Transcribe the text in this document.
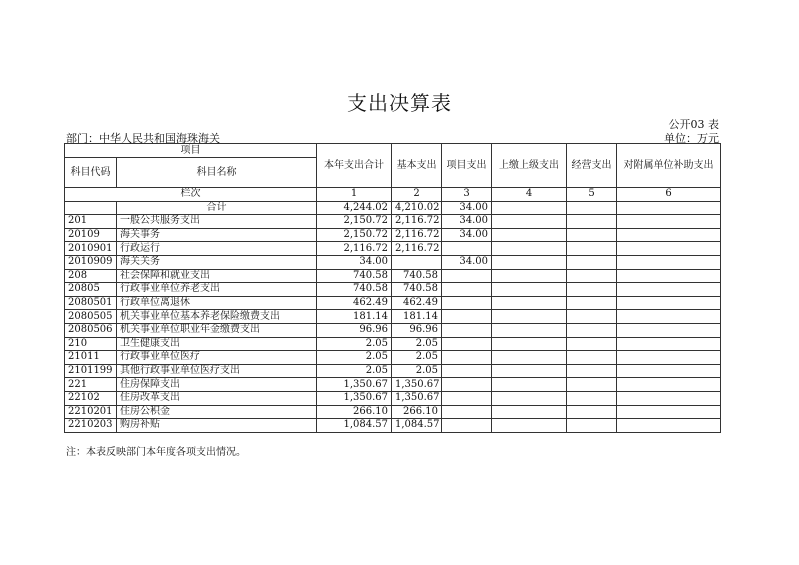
支出决算表
公开03 表
部门：中华人民共和国海珠海关	单位：万元
项目		本年支出合计	基本支出	项目支出	上缴上级支出	经营支出	对附属单位补助支出
科目代码	科目名称						
栏次		1	2	3	4	5	6
	合计	4,244.02	4,210.02	34.00			
201	一般公共服务支出	2,150.72	2,116.72	34.00			
20109	海关事务	2,150.72	2,116.72	34.00			
2010901	行政运行	2,116.72	2,116.72				
2010909	海关关务	34.00		34.00			
208	社会保障和就业支出	740.58	740.58				
20805	行政事业单位养老支出	740.58	740.58				
2080501	行政单位离退休	462.49	462.49				
2080505	机关事业单位基本养老保险缴费支出	181.14	181.14				
2080506	机关事业单位职业年金缴费支出	96.96	96.96				
210	卫生健康支出	2.05	2.05				
21011	行政事业单位医疗	2.05	2.05				
2101199	其他行政事业单位医疗支出	2.05	2.05				
221	住房保障支出	1,350.67	1,350.67				
22102	住房改革支出	1,350.67	1,350.67				
2210201	住房公积金	266.10	266.10				
2210203	购房补贴	1,084.57	1,084.57				
注：本表反映部门本年度各项支出情况。
